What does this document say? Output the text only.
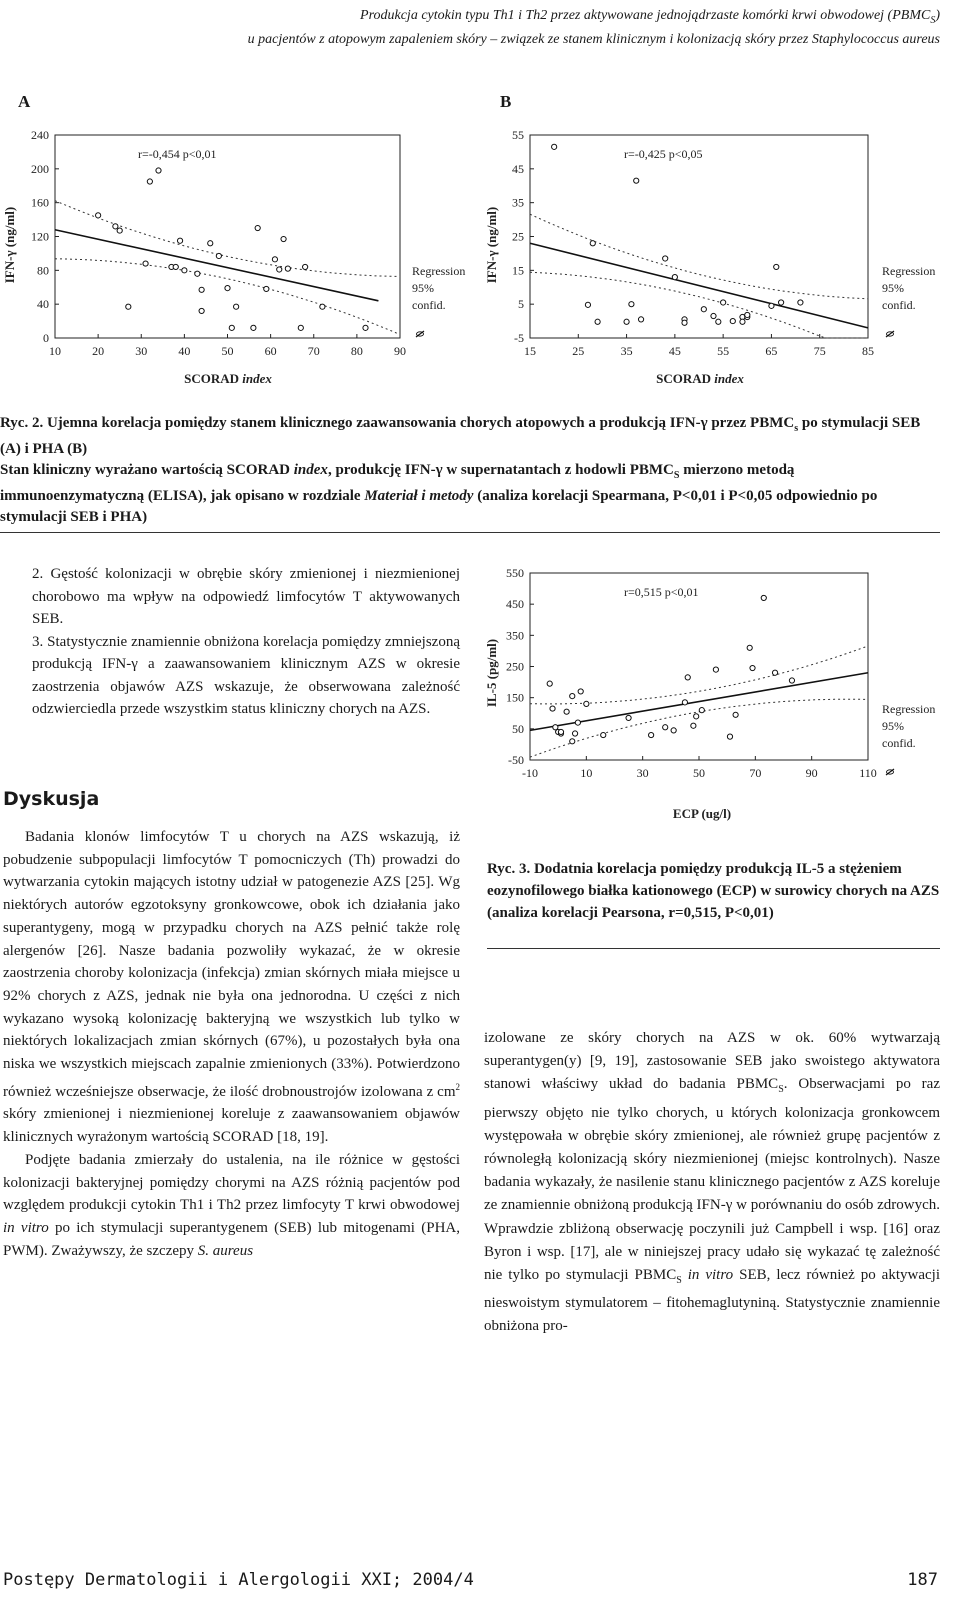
Produkcja cytokin typu Th1 i Th2 przez aktywowane jednojądrzaste komórki krwi obwodowej $(PBMC_S)$
u pacjentów z atopowym zapaleniem skóry – związek ze stanem klinicznym i kolonizacją skóry przez Staphylococcus aureus
A	B
10	20	30	40	50	60	70	80	90
0
40
80
120
160
200
240
IFN-γ (ng/ml)
SCORAD index
r=-0,454 p<0,01
Regression
95%
confid.
15	25	35	45	55	65	75	85
-5
5
15
25
35
45
55
IFN-γ (ng/ml)
SCORAD index
r=-0,425 p<0,05
Regression
95%
confid.
Ryc. 2. Ujemna korelacja pomiędzy stanem klinicznego zaawansowania chorych atopowych a produkcją IFN-γ przez $PBMC_s$ po stymulacji SEB (A) i PHA (B)
Stan kliniczny wyrażano wartością SCORAD index, produkcję IFN-γ w supernatantach z hodowli $PBMC_S$ mierzono metodą immunoenzymatyczną (ELISA), jak opisano w rozdziale Materiał i metody (analiza korelacji Spearmana, P<0,01 i P<0,05 odpowiednio po stymulacji SEB i PHA)

2. Gęstość kolonizacji w obrębie skóry zmienionej i niezmienionej chorobowo ma wpływ na odpowiedź limfocytów T aktywowanych SEB.

3. Statystycznie znamiennie obniżona korelacja pomiędzy zmniejszoną produkcją IFN-γ a zaawansowaniem klinicznym AZS w okresie zaostrzenia objawów AZS wskazuje, że obserwowana zależność odzwierciedla przede wszystkim status kliniczny chorych na AZS.

-10	10	30	50	70	90	110
-50
50
150
250
350
450
550
IL-5 (pg/ml)
ECP (ug/l)
r=0,515 p<0,01
Regression
95%
confid.
Ryc. 3. Dodatnia korelacja pomiędzy produkcją IL-5 a stężeniem eozynofilowego białka kationowego (ECP) w surowicy chorych na AZS (analiza korelacji Pearsona, r=0,515, P<0,01)
Dyskusja
Badania klonów limfocytów T u chorych na AZS wskazują, iż pobudzenie subpopulacji limfocytów T pomocniczych (Th) prowadzi do wytwarzania cytokin mających istotny udział w patogenezie AZS [25]. Wg niektórych autorów egzotoksyny gronkowcowe, obok ich działania jako superantygeny, mogą w przypadku chorych na AZS pełnić także rolę alergenów [26]. Nasze badania pozwoliły wykazać, że w okresie zaostrzenia choroby kolonizacja (infekcja) zmian skórnych miała miejsce u 92% chorych z AZS, jednak nie była ona jednorodna. U części z nich wykazano wysoką kolonizację bakteryjną we wszystkich lub tylko w niektórych lokalizacjach zmian skórnych (67%), u pozostałych była ona niska we wszystkich miejscach zapalnie zmienionych (33%). Potwierdzono również wcześniejsze obserwacje, że ilość drobnoustrojów izolowana z $cm^2$ skóry zmienionej i niezmienionej koreluje z zaawansowaniem objawów klinicznych wyrażonym wartością SCORAD [18, 19].
Podjęte badania zmierzały do ustalenia, na ile różnice w gęstości kolonizacji bakteryjnej pomiędzy chorymi na AZS różnią pacjentów pod względem produkcji cytokin Th1 i Th2 przez limfocyty T krwi obwodowej in vitro po ich stymulacji superantygenem (SEB) lub mitogenami (PHA, PWM). Zważywszy, że szczepy S. aureus
izolowane ze skóry chorych na AZS w ok. 60% wytwarzają superantygen(y) [9, 19], zastosowanie SEB jako swoistego aktywatora stanowi właściwy układ do badania $PBMC_S$. Obserwacjami po raz pierwszy objęto nie tylko chorych, u których kolonizacja gronkowcem występowała w obrębie skóry zmienionej, ale również grupę pacjentów z równoległą kolonizacją skóry niezmienionej (miejsc kontrolnych). Nasze badania wykazały, że nasilenie stanu klinicznego pacjentów z AZS koreluje ze znamiennie obniżoną produkcją IFN-γ w porównaniu do osób zdrowych. Wprawdzie zbliżoną obserwację poczynili już Campbell i wsp. [16] oraz Byron i wsp. [17], ale w niniejszej pracy udało się wykazać tę zależność nie tylko po stymulacji $PBMC_S$ in vitro SEB, lecz również po aktywacji nieswoistym stymulatorem – fitohemaglutyniną. Statystycznie znamiennie obniżona pro-
Postępy Dermatologii i Alergologii XXI; 2004/4	187
